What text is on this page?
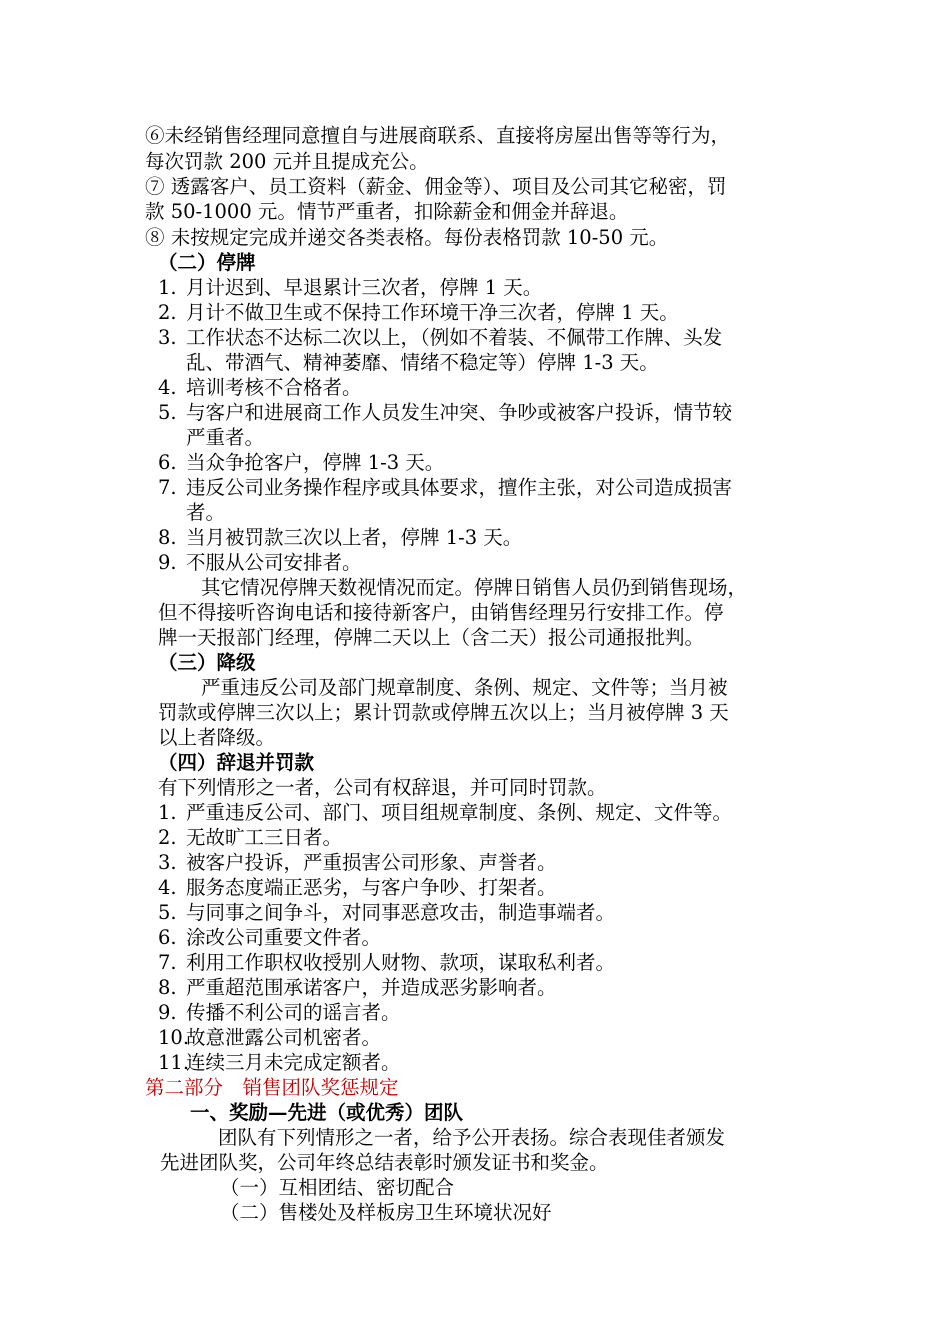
⑥未经销售经理同意擅自与进展商联系、直接将房屋出售等等行为，
每次罚款 200 元并且提成充公。
⑦ 透露客户、员工资料（薪金、佣金等）、项目及公司其它秘密，罚
款 50-1000 元。情节严重者，扣除薪金和佣金并辞退。
⑧ 未按规定完成并递交各类表格。每份表格罚款 10-50 元。
（二）停牌
1. 月计迟到、早退累计三次者，停牌 1 天。
2. 月计不做卫生或不保持工作环境干净三次者，停牌 1 天。
3. 工作状态不达标二次以上，（例如不着装、不佩带工作牌、头发
乱、带酒气、精神萎靡、情绪不稳定等）停牌 1-3 天。
4. 培训考核不合格者。
5. 与客户和进展商工作人员发生冲突、争吵或被客户投诉，情节较
严重者。
6. 当众争抢客户，停牌 1-3 天。
7. 违反公司业务操作程序或具体要求，擅作主张，对公司造成损害
者。
8. 当月被罚款三次以上者，停牌 1-3 天。
9. 不服从公司安排者。
其它情况停牌天数视情况而定。停牌日销售人员仍到销售现场，
但不得接听咨询电话和接待新客户，由销售经理另行安排工作。停
牌一天报部门经理，停牌二天以上（含二天）报公司通报批判。
（三）降级
严重违反公司及部门规章制度、条例、规定、文件等；当月被
罚款或停牌三次以上；累计罚款或停牌五次以上；当月被停牌 3 天
以上者降级。
（四）辞退并罚款
有下列情形之一者，公司有权辞退，并可同时罚款。
1. 严重违反公司、部门、项目组规章制度、条例、规定、文件等。
2. 无故旷工三日者。
3. 被客户投诉，严重损害公司形象、声誉者。
4. 服务态度端正恶劣，与客户争吵、打架者。
5. 与同事之间争斗，对同事恶意攻击，制造事端者。
6. 涂改公司重要文件者。
7. 利用工作职权收授别人财物、款项，谋取私利者。
8. 严重超范围承诺客户，并造成恶劣影响者。
9. 传播不利公司的谣言者。
10.故意泄露公司机密者。
11.连续三月未完成定额者。
第二部分　销售团队奖惩规定
一、奖励—先进（或优秀）团队
团队有下列情形之一者，给予公开表扬。综合表现佳者颁发
先进团队奖，公司年终总结表彰时颁发证书和奖金。
（一）互相团结、密切配合
（二）售楼处及样板房卫生环境状况好
